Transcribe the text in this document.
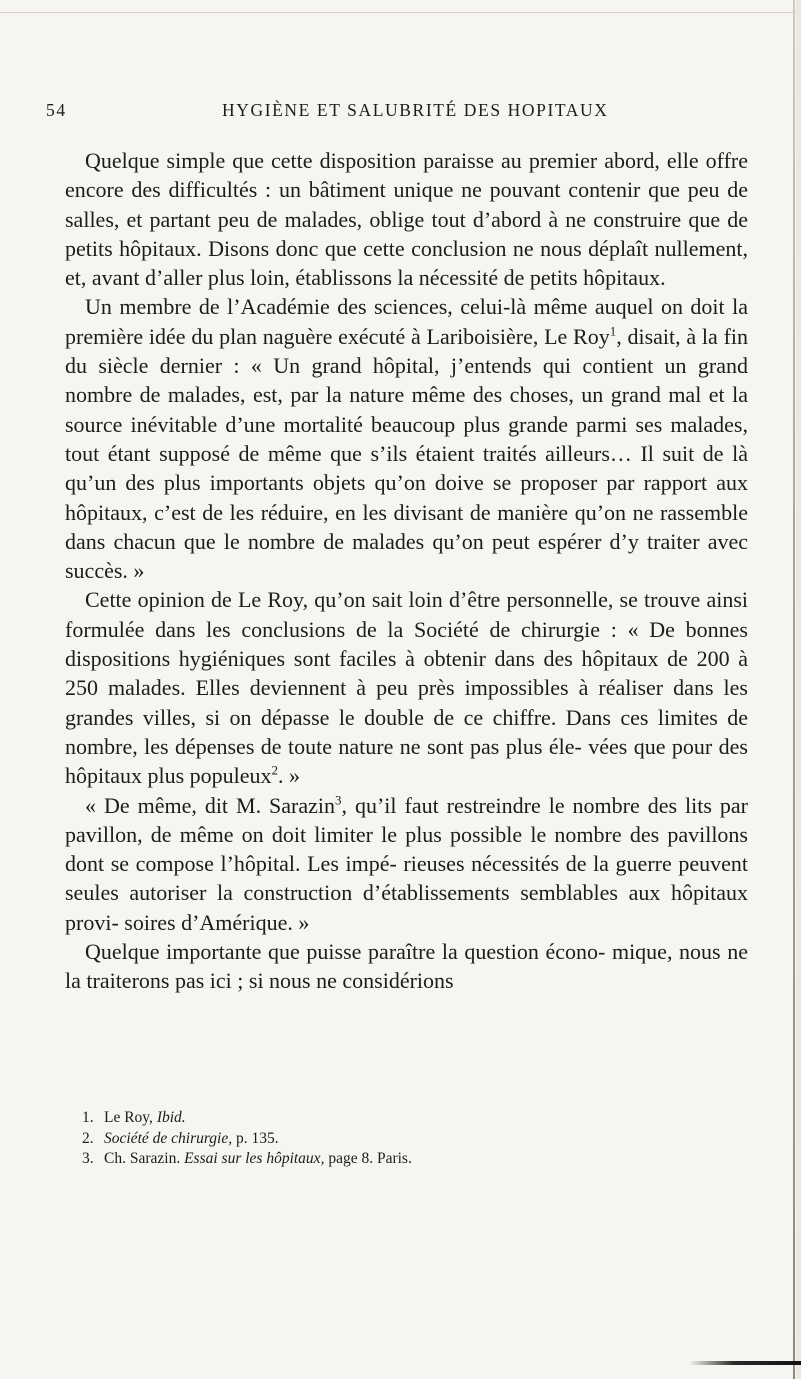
54	HYGIÈNE ET SALUBRITÉ DES HOPITAUX

Quelque simple que cette disposition paraisse au premier abord, elle offre encore des difficultés : un bâtiment unique ne pouvant contenir que peu de salles, et partant peu de malades, oblige tout d’abord à ne construire que de petits hôpitaux. Disons donc que cette conclusion ne nous déplaît nullement, et, avant d’aller plus loin, établissons la nécessité de petits hôpitaux.

Un membre de l’Académie des sciences, celui-là même auquel on doit la première idée du plan naguère exécuté à Lariboisière, Le Roy$^1$, disait, à la fin du siècle dernier : « Un grand hôpital, j’entends qui contient un grand nombre de malades, est, par la nature même des choses, un grand mal et la source inévitable d’une mortalité beaucoup plus grande parmi ses malades, tout étant supposé de même que s’ils étaient traités ailleurs… Il suit de là qu’un des plus importants objets qu’on doive se proposer par rapport aux hôpitaux, c’est de les réduire, en les divisant de manière qu’on ne rassemble dans chacun que le nombre de malades qu’on peut espérer d’y traiter avec succès. »

Cette opinion de Le Roy, qu’on sait loin d’être personnelle, se trouve ainsi formulée dans les conclusions de la Société de chirurgie : « De bonnes dispositions hygiéniques sont faciles à obtenir dans des hôpitaux de 200 à 250 malades. Elles deviennent à peu près impossibles à réaliser dans les grandes villes, si on dépasse le double de ce chiffre. Dans ces limites de nombre, les dépenses de toute nature ne sont pas plus éle- vées que pour des hôpitaux plus populeux$^2$. »

« De même, dit M. Sarazin$^3$, qu’il faut restreindre le nombre des lits par pavillon, de même on doit limiter le plus possible le nombre des pavillons dont se compose l’hôpital. Les impé- rieuses nécessités de la guerre peuvent seules autoriser la construction d’établissements semblables aux hôpitaux provi- soires d’Amérique. »

Quelque importante que puisse paraître la question écono- mique, nous ne la traiterons pas ici ; si nous ne considérions

1. Le Roy, Ibid.
2. Société de chirurgie, p. 135.
3. Ch. Sarazin. Essai sur les hôpitaux, page 8. Paris.
